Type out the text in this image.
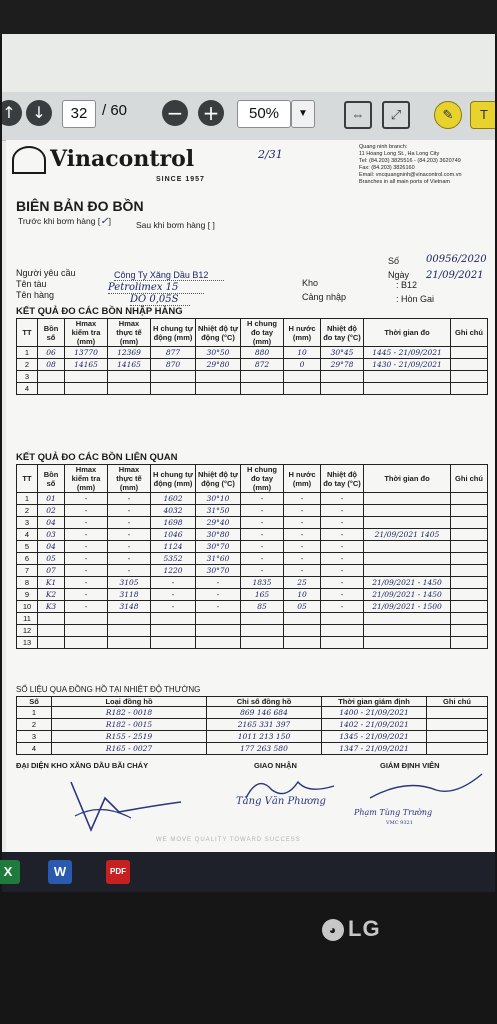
↑	↓	32 / 60 − +	50%	▼	⇔	⤢	✎	T
Vinacontrol
SINCE 1957
2/31
Quang ninh branch:
11 Hoang Long St., Ha Long City
Tel: (84.203) 3825516 - (84.203) 3620749
Fax: (84.203) 3826160
Email: vncquangninh@vinacontrol.com.vn
Branches in all main ports of Vietnam
BIÊN BẢN ĐO BỒN
Trước khi bơm hàng [✓]	Sau khi bơm hàng [ ]
Số	00956/2020
Ngày 21/09/2021
Người yêu cầu	Công Ty Xăng Dầu B12
Tên tàu	Petrolimex 15
Tên hàng	DO 0,05S
Kho	: B12
Cảng nhập	: Hòn Gai
KẾT QUẢ ĐO CÁC BỒN NHẬP HÀNG
TT	Bồn số	Hmax kiểm tra (mm)	Hmax thực tế (mm)	H chung tự động (mm)	Nhiệt độ tự động (°C)	H chung đo tay (mm)	H nước (mm)	Nhiệt độ đo tay (°C)	Thời gian đo	Ghi chú
1	06	13770	12369	877	30°50	880	10	30°45	1445 - 21/09/2021	
2	08	14165	14165	870	29°80	872	0	29°78	1430 - 21/09/2021	
3										
4										
KẾT QUẢ ĐO CÁC BỒN LIÊN QUAN
TT	Bồn số	Hmax kiểm tra (mm)	Hmax thực tế (mm)	H chung tự động (mm)	Nhiệt độ tự động (°C)	H chung đo tay (mm)	H nước (mm)	Nhiệt độ đo tay (°C)	Thời gian đo	Ghi chú
1	01	-	-	1602	30°10	-	-	-		
2	02	-	-	4032	31°50	-	-	-		
3	04	-	-	1698	29°40	-	-	-		
4	03	-	-	1046	30°80	-	-	-	21/09/2021 1405	
5	04	-	-	1124	30°70	-	-	-		
6	05	-	-	5352	31°60	-	-	-		
7	07	-	-	1220	30°70	-	-	-		
8	K1	-	3105	-	-	1835	25	-	21/09/2021 - 1450	
9	K2	-	3118	-	-	165	10	-	21/09/2021 - 1450	
10	K3	-	3148	-	-	85	05	-	21/09/2021 - 1500	
11										
12										
13										
SỐ LIỆU QUA ĐỒNG HỒ TẠI NHIỆT ĐỘ THƯỜNG
Số	Loại đồng hồ	Chỉ số đồng hồ	Thời gian giám định	Ghi chú
1	R182 - 0018	869 146 684	1400 - 21/09/2021	
2	R182 - 0015	2165 331 397	1402 - 21/09/2021	
3	R155 - 2519	1011 213 150	1345 - 21/09/2021	
4	R165 - 0027	177 263 580	1347 - 21/09/2021	
ĐẠI DIỆN KHO XĂNG DẦU BÃI CHÁY	GIAO NHẬN	GIÁM ĐỊNH VIÊN
Tăng Văn Phương
Phạm Tùng Trường
VMC 9321
WE MOVE QUALITY TOWARD SUCCESS
X	W	PDF
◕ LG
